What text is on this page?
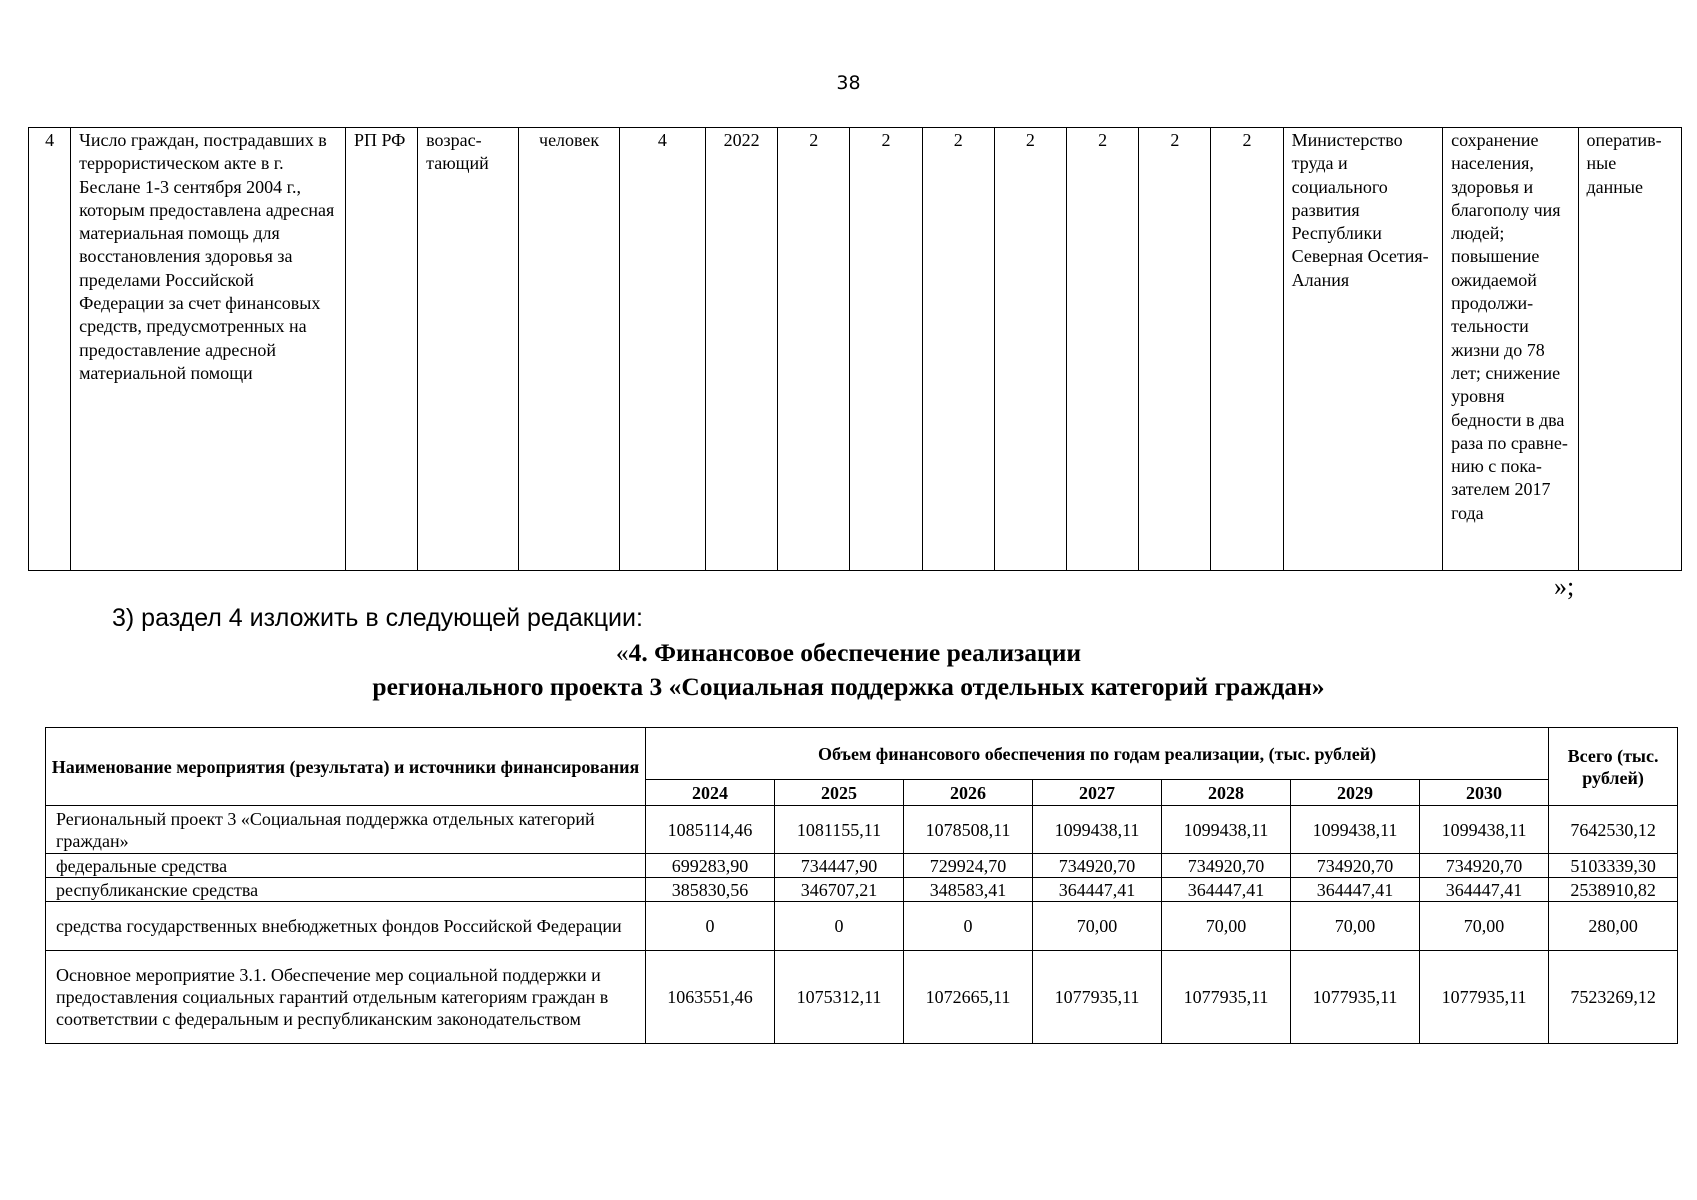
38
4	Число граждан, пострадавших в террористическом акте в г. Беслане 1-3 сентября 2004 г., которым предоставлена адресная материальная помощь для восстановления здоровья за пределами Российской Федерации за счет финансовых средств, предусмотренных на предоставление адресной материальной помощи	РП РФ	возрас-тающий	человек	4	2022	2	2	2	2	2	2	2	Министерство труда и социального развития Республики Северная Осетия-Алания	сохранение населения, здоровья и благополу чия людей; повышение ожидаемой продолжи-тельности жизни до 78 лет; снижение уровня бедности в два раза по сравне-нию с пока-зателем 2017 года	оператив-ные данные
»;
3) раздел 4 изложить в следующей редакции:
«4. Финансовое обеспечение реализации
регионального проекта 3 «Социальная поддержка отдельных категорий граждан»
Наименование мероприятия (результата) и источники финансирования	Объем финансового обеспечения по годам реализации, (тыс. рублей)							Всего (тыс. рублей)
	2024	2025	2026	2027	2028	2029	2030	
Региональный проект 3 «Социальная поддержка отдельных категорий граждан»	1085114,46	1081155,11	1078508,11	1099438,11	1099438,11	1099438,11	1099438,11	7642530,12
федеральные средства	699283,90	734447,90	729924,70	734920,70	734920,70	734920,70	734920,70	5103339,30
республиканские средства	385830,56	346707,21	348583,41	364447,41	364447,41	364447,41	364447,41	2538910,82
средства государственных внебюджетных фондов Российской Федерации	0	0	0	70,00	70,00	70,00	70,00	280,00
Основное мероприятие 3.1. Обеспечение мер социальной поддержки и предоставления социальных гарантий отдельным категориям граждан в соответствии с федеральным и республиканским законодательством	1063551,46	1075312,11	1072665,11	1077935,11	1077935,11	1077935,11	1077935,11	7523269,12
